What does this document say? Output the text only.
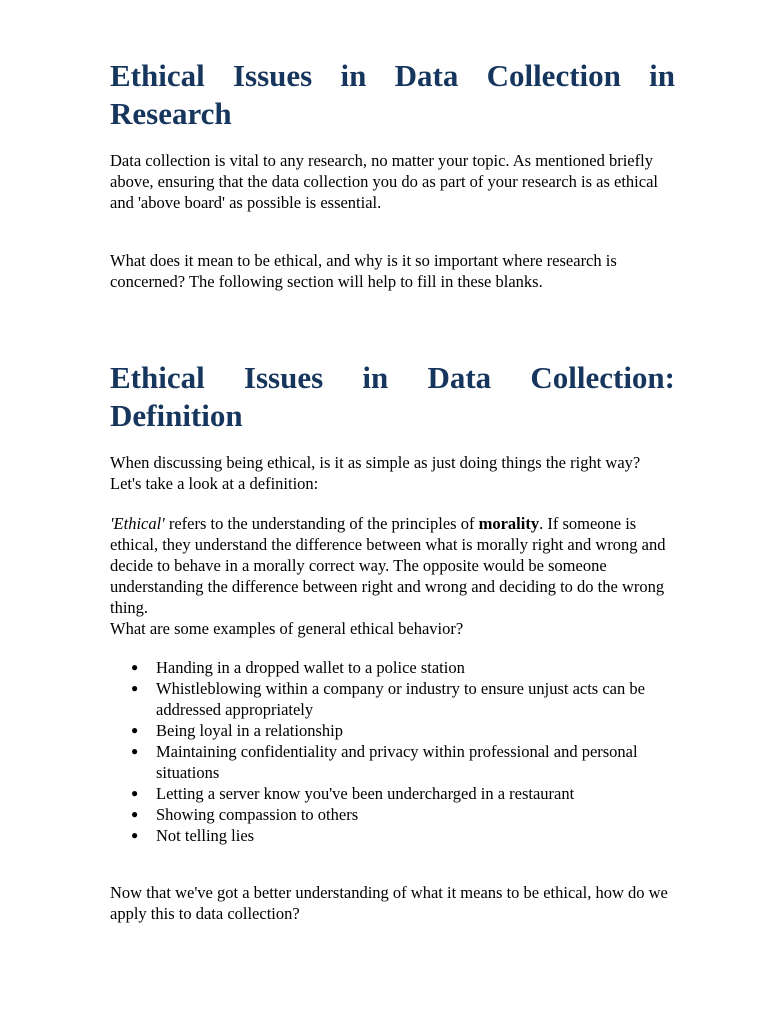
Ethical Issues in Data Collection in Research

Data collection is vital to any research, no matter your topic. As mentioned briefly above, ensuring that the data collection you do as part of your research is as ethical and 'above board' as possible is essential.

What does it mean to be ethical, and why is it so important where research is concerned? The following section will help to fill in these blanks.

Ethical Issues in Data Collection: Definition

When discussing being ethical, is it as simple as just doing things the right way? Let's take a look at a definition:

'Ethical' refers to the understanding of the principles of morality. If someone is ethical, they understand the difference between what is morally right and wrong and decide to behave in a morally correct way. The opposite would be someone understanding the difference between right and wrong and deciding to do the wrong thing.

What are some examples of general ethical behavior?

● Handing in a dropped wallet to a police station
● Whistleblowing within a company or industry to ensure unjust acts can be addressed appropriately
● Being loyal in a relationship
● Maintaining confidentiality and privacy within professional and personal situations
● Letting a server know you've been undercharged in a restaurant
● Showing compassion to others
● Not telling lies

Now that we've got a better understanding of what it means to be ethical, how do we apply this to data collection?
